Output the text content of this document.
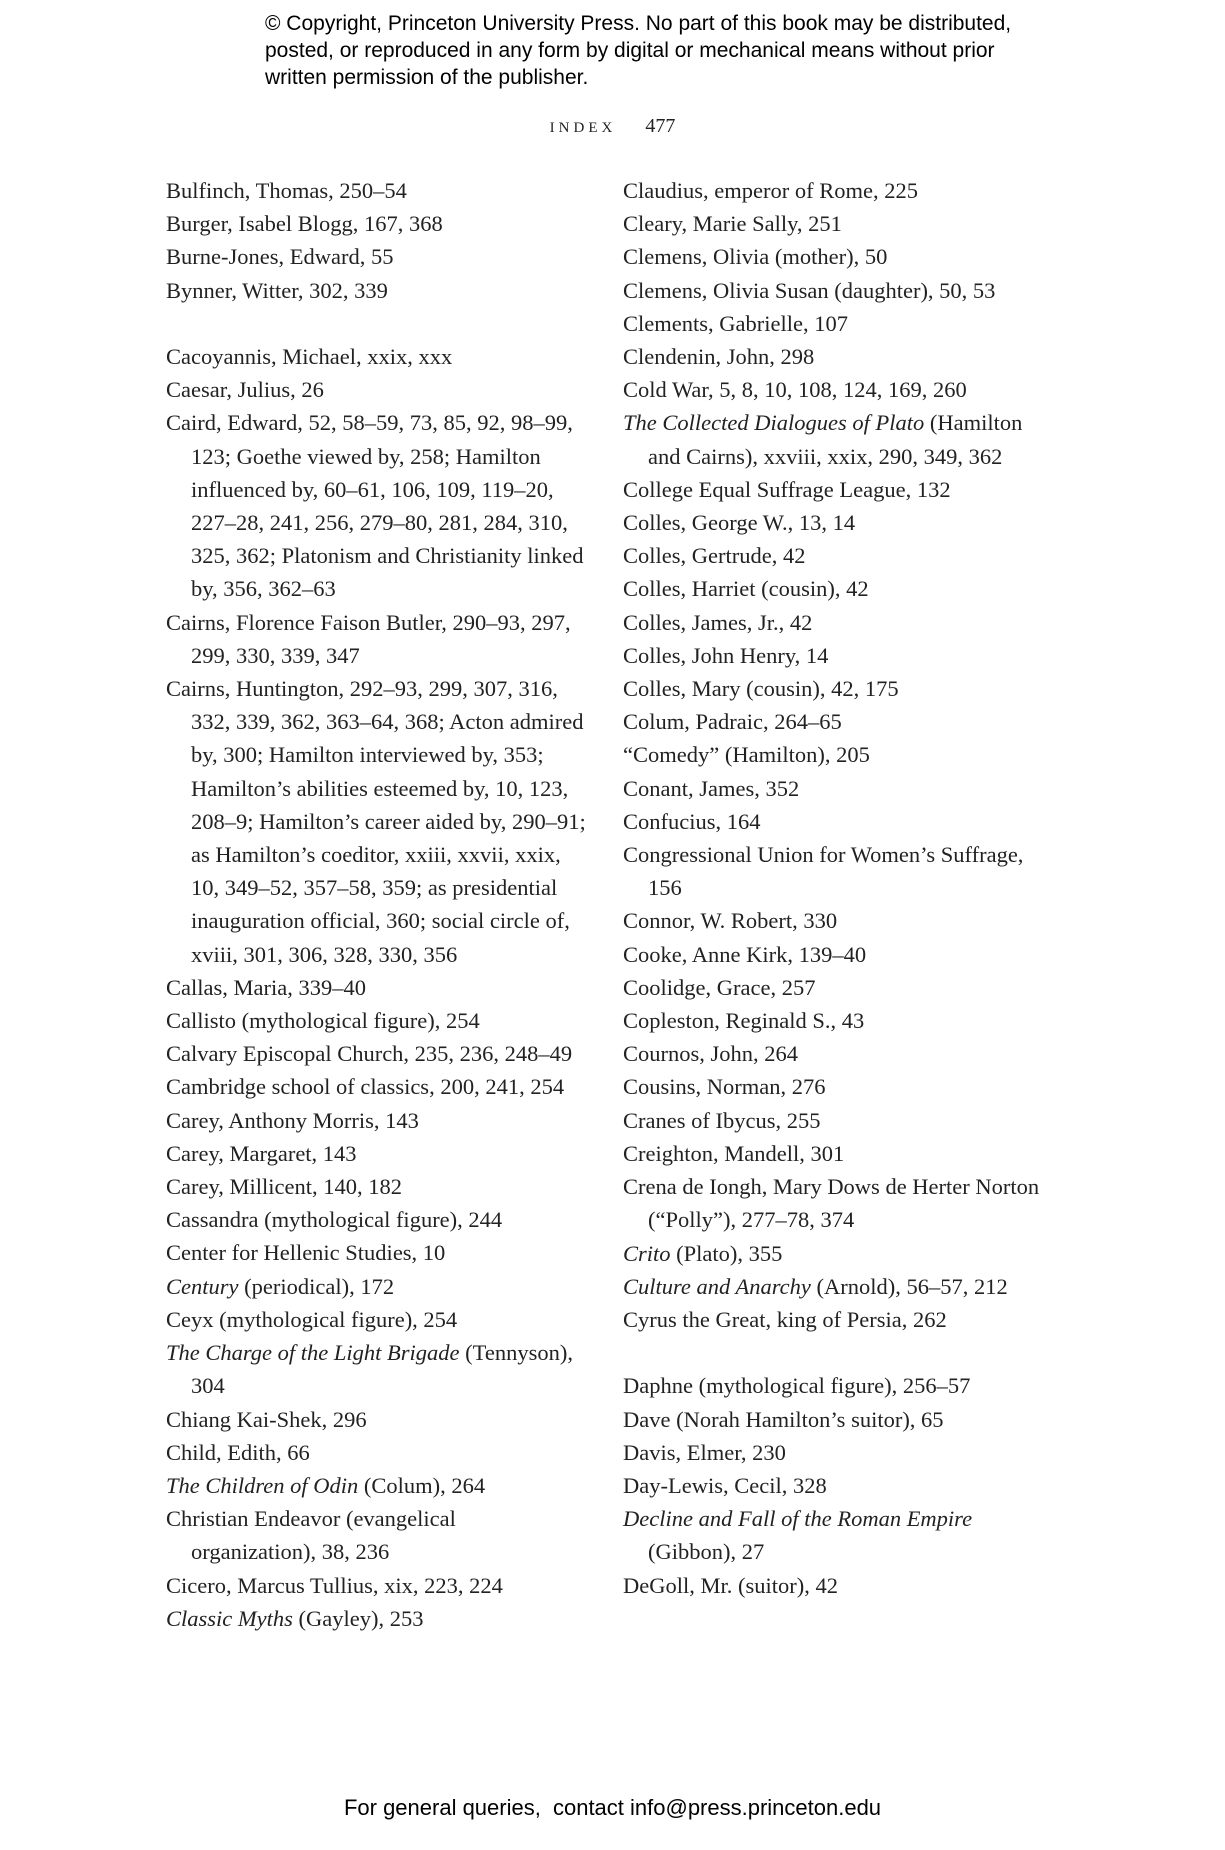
© Copyright, Princeton University Press. No part of this book may be distributed, posted, or reproduced in any form by digital or mechanical means without prior written permission of the publisher.
index 477

Bulfinch, Thomas, 250–54

Burger, Isabel Blogg, 167, 368

Burne-Jones, Edward, 55

Bynner, Witter, 302, 339

Cacoyannis, Michael, xxix, xxx

Caesar, Julius, 26

Caird, Edward, 52, 58–59, 73, 85, 92, 98–99, 123; Goethe viewed by, 258; Hamilton influenced by, 60–61, 106, 109, 119–20, 227–28, 241, 256, 279–80, 281, 284, 310, 325, 362; Platonism and Christianity linked by, 356, 362–63

Cairns, Florence Faison Butler, 290–93, 297, 299, 330, 339, 347

Cairns, Huntington, 292–93, 299, 307, 316, 332, 339, 362, 363–64, 368; Acton admired by, 300; Hamilton interviewed by, 353; Hamilton’s abilities esteemed by, 10, 123, 208–9; Hamilton’s career aided by, 290–91; as Hamilton’s coeditor, xxiii, xxvii, xxix, 10, 349–52, 357–58, 359; as presidential inauguration official, 360; social circle of, xviii, 301, 306, 328, 330, 356

Callas, Maria, 339–40

Callisto (mythological figure), 254

Calvary Episcopal Church, 235, 236, 248–49

Cambridge school of classics, 200, 241, 254

Carey, Anthony Morris, 143

Carey, Margaret, 143

Carey, Millicent, 140, 182

Cassandra (mythological figure), 244

Center for Hellenic Studies, 10

Century (periodical), 172

Ceyx (mythological figure), 254

The Charge of the Light Brigade (Tennyson), 304

Chiang Kai-Shek, 296

Child, Edith, 66

The Children of Odin (Colum), 264

Christian Endeavor (evangelical organization), 38, 236

Cicero, Marcus Tullius, xix, 223, 224

Classic Myths (Gayley), 253

Claudius, emperor of Rome, 225

Cleary, Marie Sally, 251

Clemens, Olivia (mother), 50

Clemens, Olivia Susan (daughter), 50, 53

Clements, Gabrielle, 107

Clendenin, John, 298

Cold War, 5, 8, 10, 108, 124, 169, 260

The Collected Dialogues of Plato (Hamilton and Cairns), xxviii, xxix, 290, 349, 362

College Equal Suffrage League, 132

Colles, George W., 13, 14

Colles, Gertrude, 42

Colles, Harriet (cousin), 42

Colles, James, Jr., 42

Colles, John Henry, 14

Colles, Mary (cousin), 42, 175

Colum, Padraic, 264–65

“Comedy” (Hamilton), 205

Conant, James, 352

Confucius, 164

Congressional Union for Women’s Suffrage, 156

Connor, W. Robert, 330

Cooke, Anne Kirk, 139–40

Coolidge, Grace, 257

Copleston, Reginald S., 43

Cournos, John, 264

Cousins, Norman, 276

Cranes of Ibycus, 255

Creighton, Mandell, 301

Crena de Iongh, Mary Dows de Herter Norton (“Polly”), 277–78, 374

Crito (Plato), 355

Culture and Anarchy (Arnold), 56–57, 212

Cyrus the Great, king of Persia, 262

Daphne (mythological figure), 256–57

Dave (Norah Hamilton’s suitor), 65

Davis, Elmer, 230

Day-Lewis, Cecil, 328

Decline and Fall of the Roman Empire (Gibbon), 27

DeGoll, Mr. (suitor), 42

For general queries, contact info@press.princeton.edu
